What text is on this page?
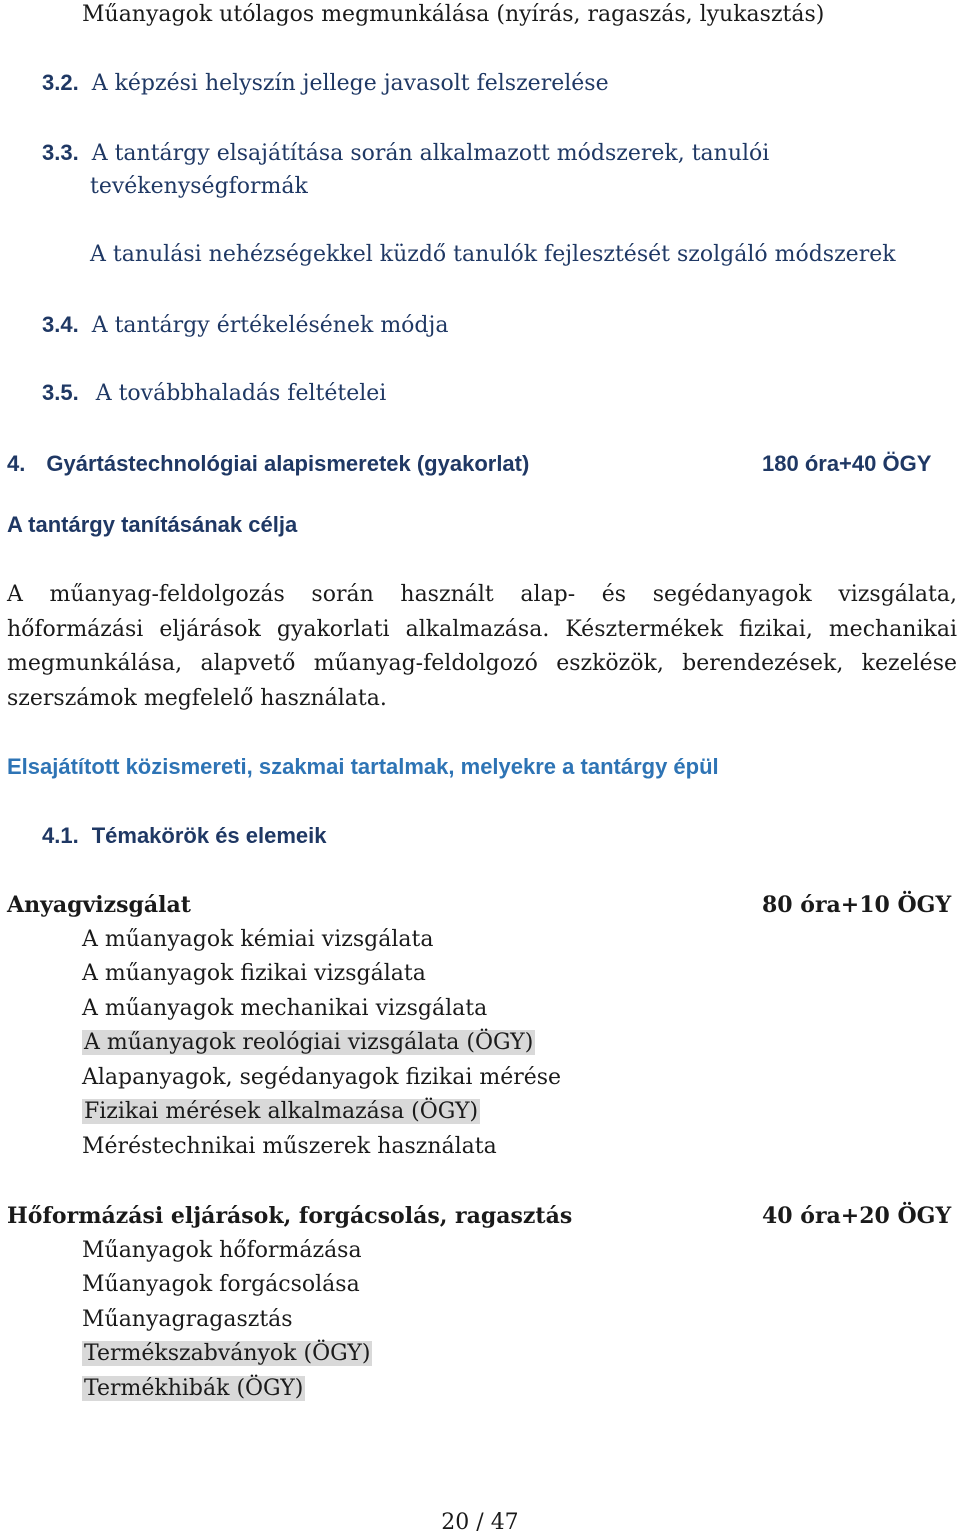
Műanyagok utólagos megmunkálása (nyírás, ragaszás, lyukasztás)
3.2. A képzési helyszín jellege javasolt felszerelése
3.3. A tantárgy elsajátítása során alkalmazott módszerek, tanulói
tevékenységformák
A tanulási nehézségekkel küzdő tanulók fejlesztését szolgáló módszerek
3.4. A tantárgy értékelésének módja
3.5. A továbbhaladás feltételei
4. Gyártástechnológiai alapismeretek (gyakorlat)	180 óra+40 ÖGY
A tantárgy tanításának célja
A műanyag-feldolgozás során használt alap- és segédanyagok vizsgálata, hőformázási eljárások gyakorlati alkalmazása. Késztermékek fizikai, mechanikai megmunkálása, alapvető műanyag-feldolgozó eszközök, berendezések, kezelése szerszámok megfelelő használata.
Elsajátított közismereti, szakmai tartalmak, melyekre a tantárgy épül
4.1. Témakörök és elemeik
Anyagvizsgálat	80 óra+10 ÖGY
A műanyagok kémiai vizsgálata
A műanyagok fizikai vizsgálata
A műanyagok mechanikai vizsgálata
A műanyagok reológiai vizsgálata (ÖGY)
Alapanyagok, segédanyagok fizikai mérése
Fizikai mérések alkalmazása (ÖGY)
Méréstechnikai műszerek használata
Hőformázási eljárások, forgácsolás, ragasztás	40 óra+20 ÖGY
Műanyagok hőformázása
Műanyagok forgácsolása
Műanyagragasztás
Termékszabványok (ÖGY)
Termékhibák (ÖGY)
20 / 47
